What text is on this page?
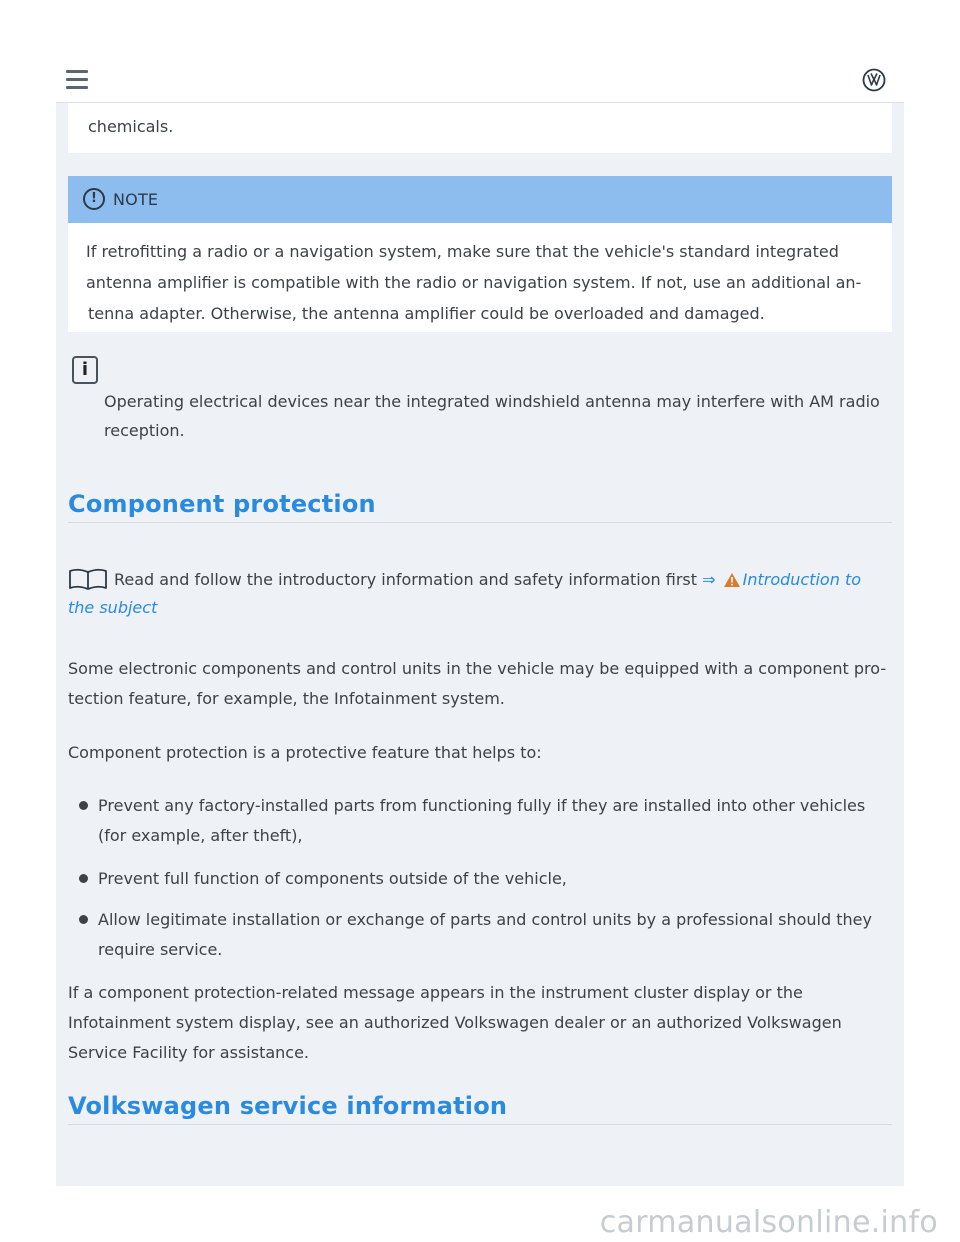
chemicals.
!	NOTE

If retrofitting a radio or a navigation system, make sure that the vehicle's standard integrated antenna amplifier is compatible with the radio or navigation system. If not, use an additional an-
tenna adapter. Otherwise, the antenna amplifier could be overloaded and damaged.

i
Operating electrical devices near the integrated windshield antenna may interfere with AM radio reception.
Component protection
Read and follow the introductory information and safety information first ⇒ Introduction to the subject
Some electronic components and control units in the vehicle may be equipped with a component pro-tection feature, for example, the Infotainment system.
Component protection is a protective feature that helps to:
Prevent any factory-installed parts from functioning fully if they are installed into other vehicles (for example, after theft),
Prevent full function of components outside of the vehicle,
Allow legitimate installation or exchange of parts and control units by a professional should they require service.
If a component protection-related message appears in the instrument cluster display or the Infotainment system display, see an authorized Volkswagen dealer or an authorized Volkswagen Service Facility for assistance.
Volkswagen service information
carmanualsonline.info
